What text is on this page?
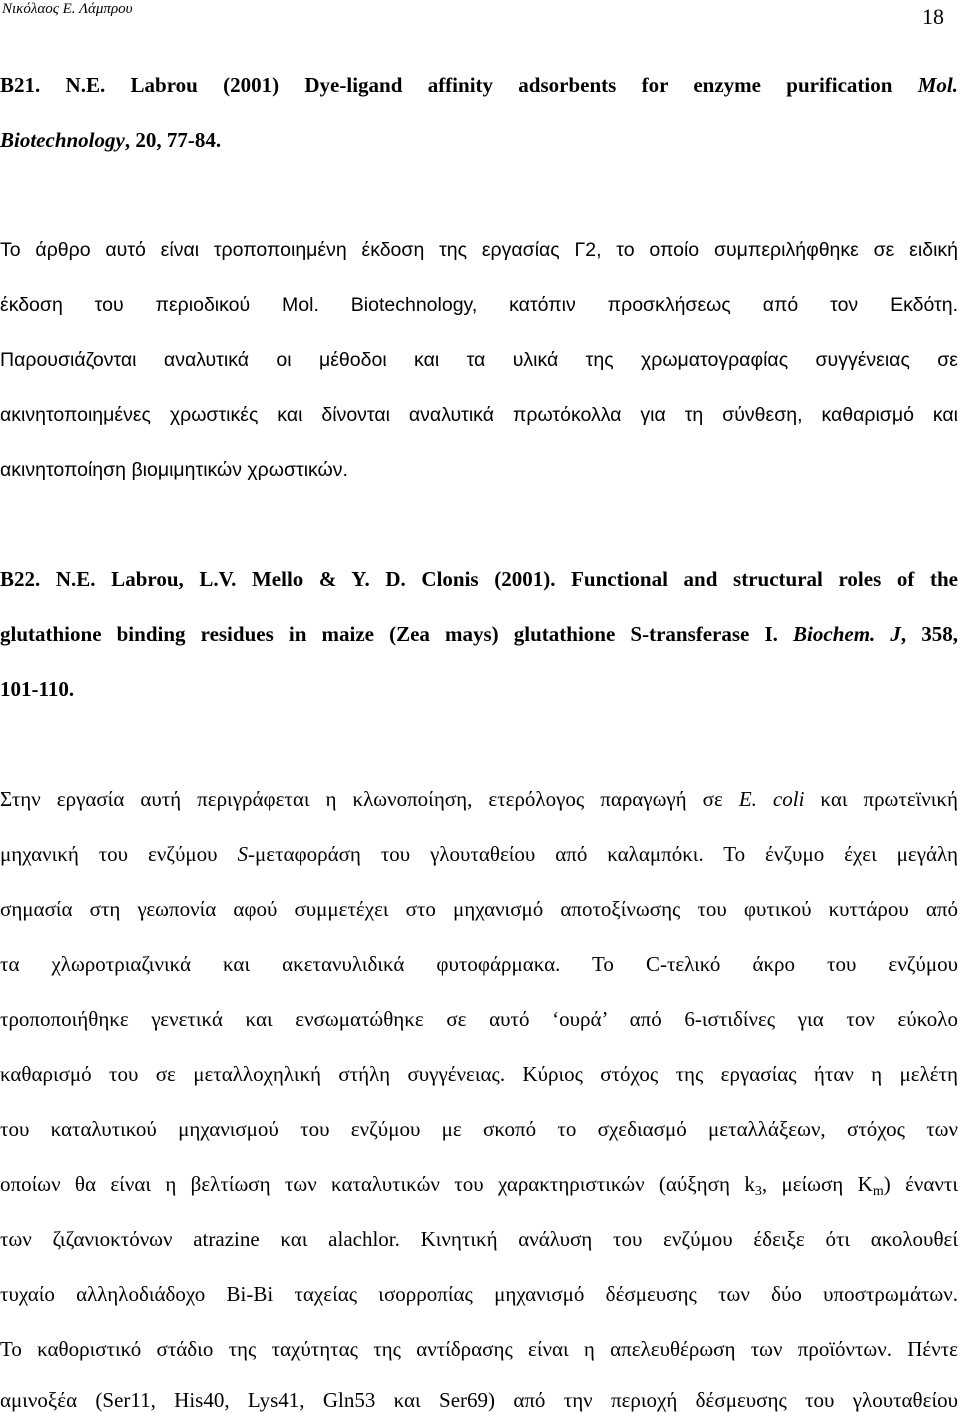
Νικόλαος Ε. Λάμπρου	18
B21. N.E. Labrou (2001) Dye-ligand affinity adsorbents for enzyme purification Mol.
Biotechnology, 20, 77-84.
Το άρθρο αυτό είναι τροποποιημένη έκδοση της εργασίας Γ2, το οποίο συμπεριλήφθηκε σε ειδική
έκδοση του περιοδικού Mol. Biotechnology, κατόπιν προσκλήσεως από τον Εκδότη.
Παρουσιάζονται αναλυτικά οι μέθοδοι και τα υλικά της χρωματογραφίας συγγένειας σε
ακινητοποιημένες χρωστικές και δίνονται αναλυτικά πρωτόκολλα για τη σύνθεση, καθαρισμό και
ακινητοποίηση βιομιμητικών χρωστικών.
B22. N.E. Labrou, L.V. Mello & Y. D. Clonis (2001). Functional and structural roles of the
glutathione binding residues in maize (Zea mays) glutathione S-transferase I. Biochem. J, 358,
101-110.
Στην εργασία αυτή περιγράφεται η κλωνοποίηση, ετερόλογος παραγωγή σε E. coli και πρωτεϊνική
μηχανική του ενζύμου S-μεταφοράση του γλουταθείου από καλαμπόκι. Το ένζυμο έχει μεγάλη
σημασία στη γεωπονία αφού συμμετέχει στο μηχανισμό αποτοξίνωσης του φυτικού κυττάρου από
τα χλωροτριαζινικά και ακετανυλιδικά φυτοφάρμακα. Το C-τελικό άκρο του ενζύμου
τροποποιήθηκε γενετικά και ενσωματώθηκε σε αυτό ‘ουρά’ από 6-ιστιδίνες για τον εύκολο
καθαρισμό του σε μεταλλοχηλική στήλη συγγένειας. Κύριος στόχος της εργασίας ήταν η μελέτη
του καταλυτικού μηχανισμού του ενζύμου με σκοπό το σχεδιασμό μεταλλάξεων, στόχος των
οποίων θα είναι η βελτίωση των καταλυτικών του χαρακτηριστικών (αύξηση $k_3$, μείωση $K_m$) έναντι
των ζιζανιοκτόνων atrazine και alachlor. Κινητική ανάλυση του ενζύμου έδειξε ότι ακολουθεί
τυχαίο αλληλοδιάδοχο Bi-Bi ταχείας ισορροπίας μηχανισμό δέσμευσης των δύο υποστρωμάτων.
Το καθοριστικό στάδιο της ταχύτητας της αντίδρασης είναι η απελευθέρωση των προϊόντων. Πέντε
αμινοξέα (Ser11, His40, Lys41, Gln53 και Ser69) από την περιοχή δέσμευσης του γλουταθείου
